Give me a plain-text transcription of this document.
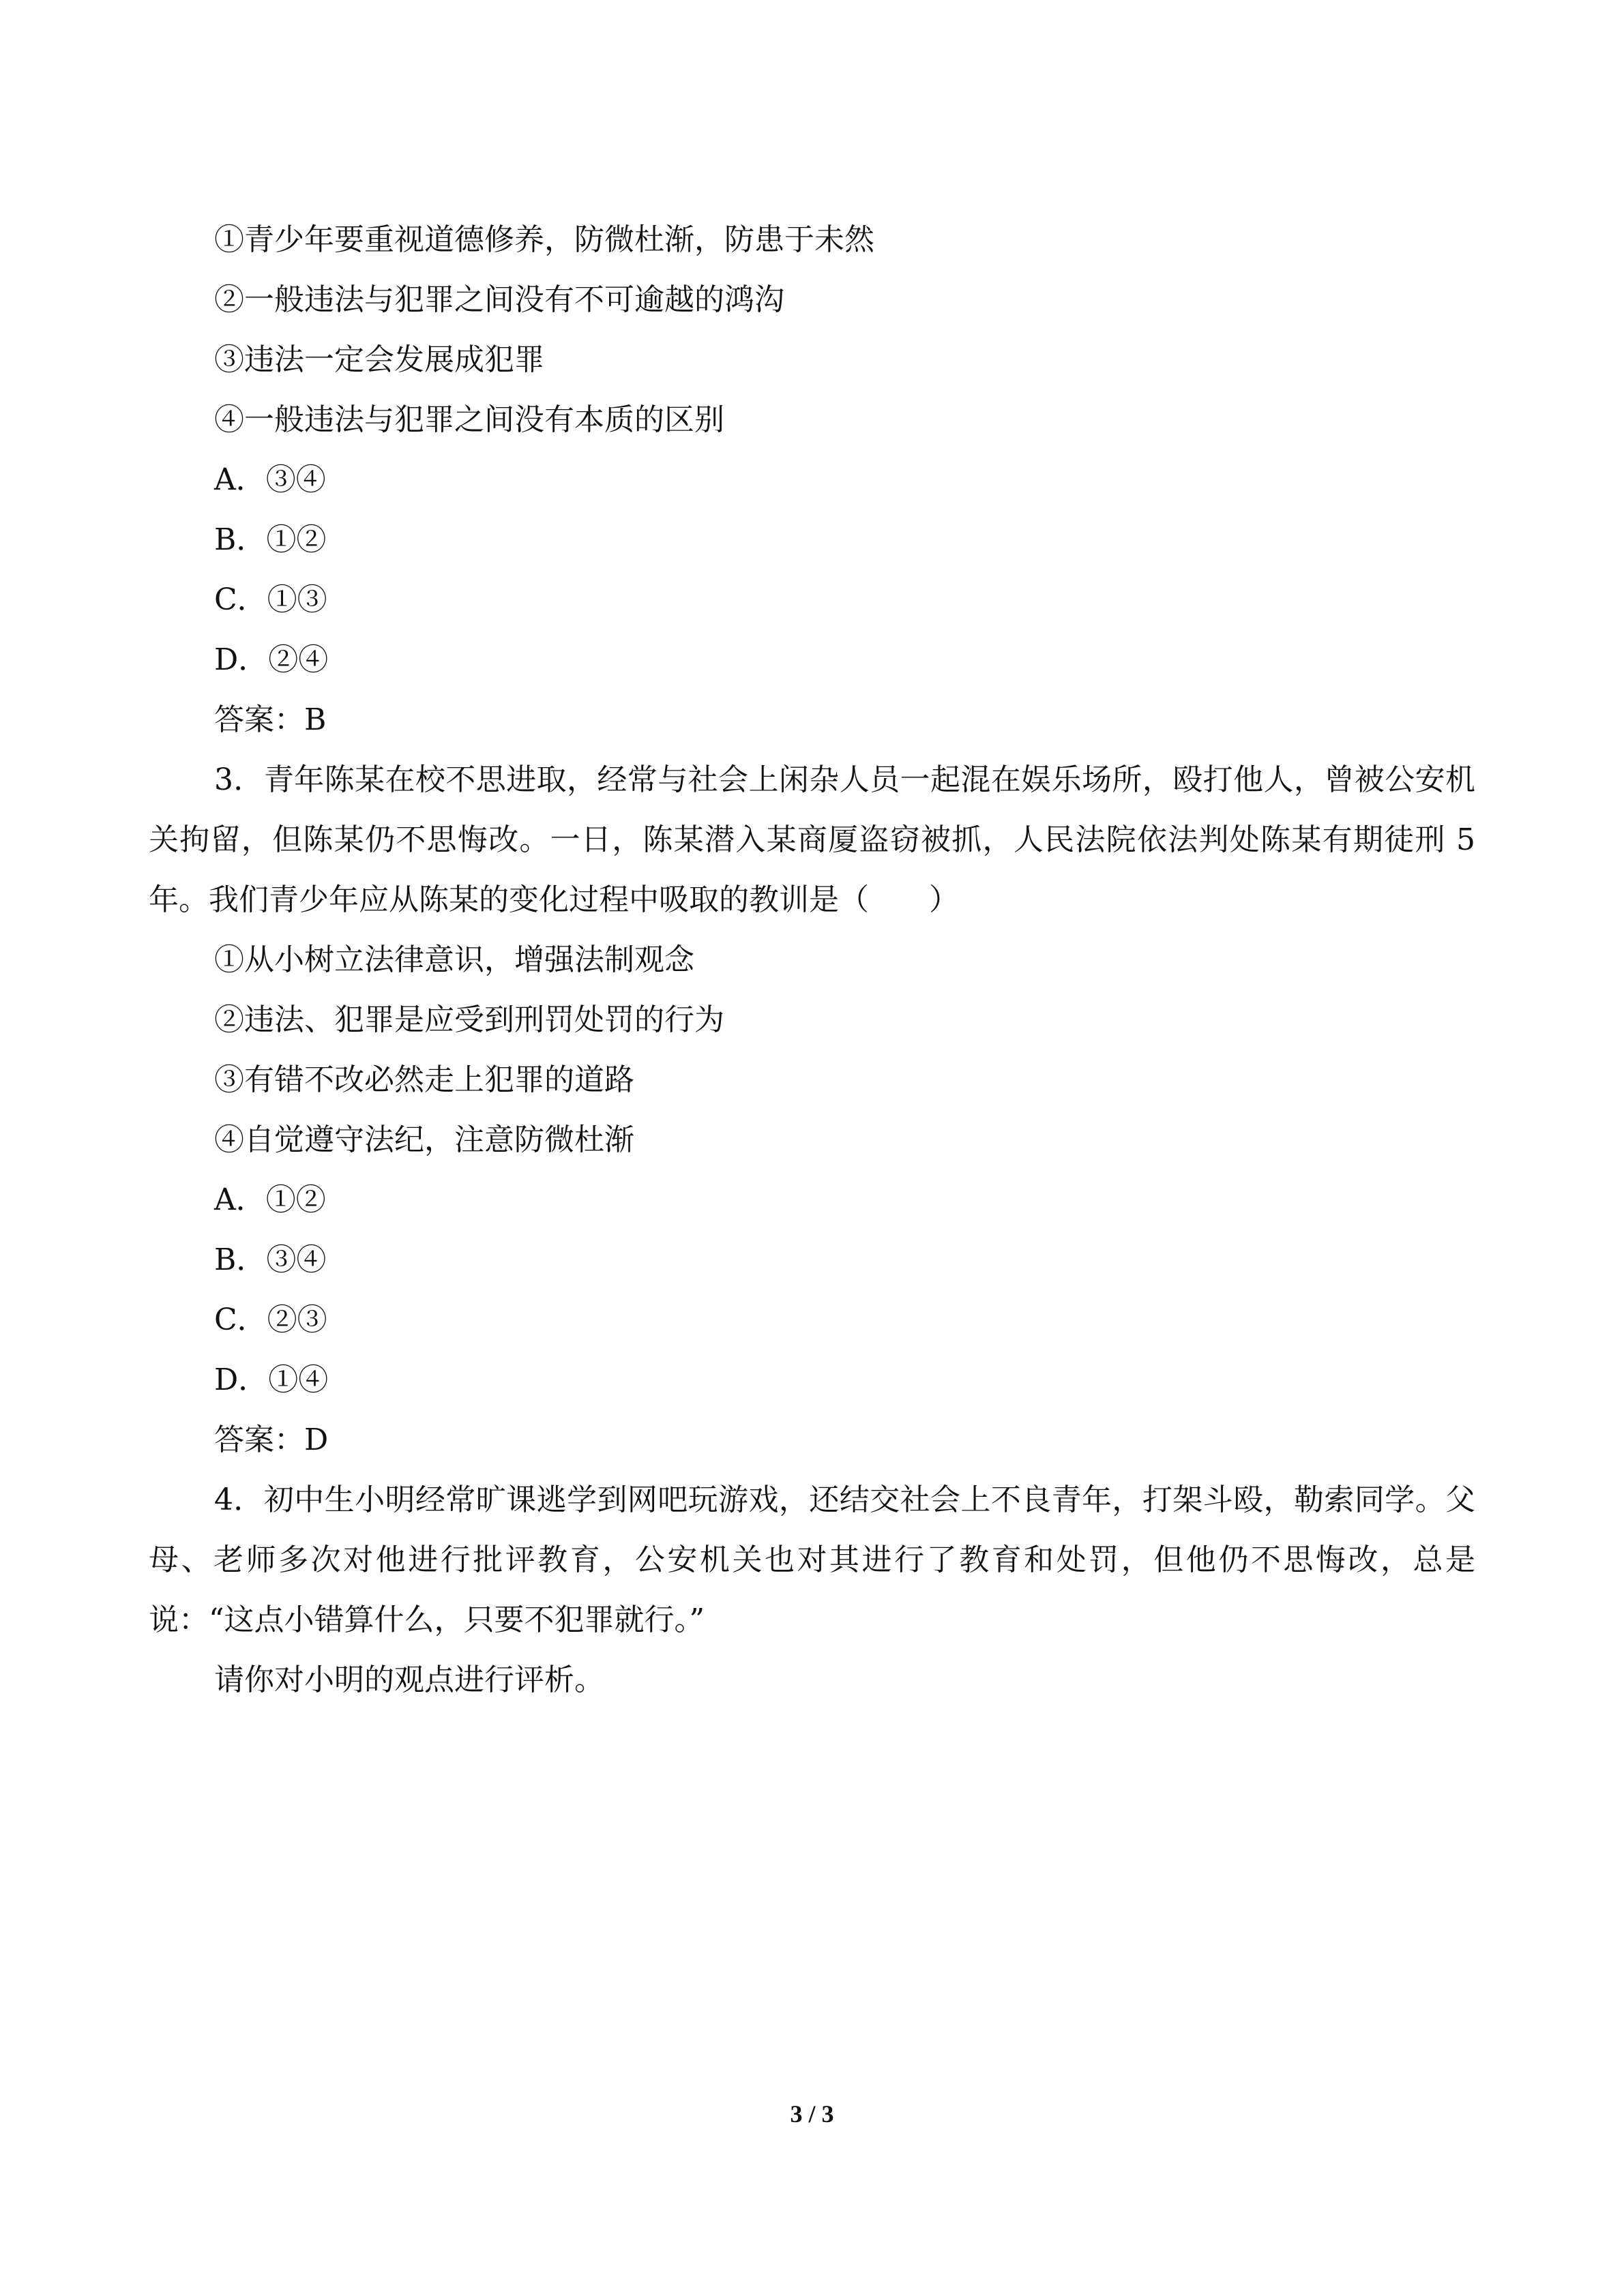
①青少年要重视道德修养，防微杜渐，防患于未然

②一般违法与犯罪之间没有不可逾越的鸿沟

③违法一定会发展成犯罪

④一般违法与犯罪之间没有本质的区别

A．③④

B．①②

C．①③

D．②④

答案：B

3．青年陈某在校不思进取，经常与社会上闲杂人员一起混在娱乐场所，殴打他人，曾被公安机关拘留，但陈某仍不思悔改。一日，陈某潜入某商厦盗窃被抓，人民法院依法判处陈某有期徒刑 5 年。我们青少年应从陈某的变化过程中吸取的教训是（　　）

①从小树立法律意识，增强法制观念

②违法、犯罪是应受到刑罚处罚的行为

③有错不改必然走上犯罪的道路

④自觉遵守法纪，注意防微杜渐

A．①②

B．③④

C．②③

D．①④

答案：D

4．初中生小明经常旷课逃学到网吧玩游戏，还结交社会上不良青年，打架斗殴，勒索同学。父母、老师多次对他进行批评教育，公安机关也对其进行了教育和处罚，但他仍不思悔改，总是说：“这点小错算什么，只要不犯罪就行。”

请你对小明的观点进行评析。

3 / 3
